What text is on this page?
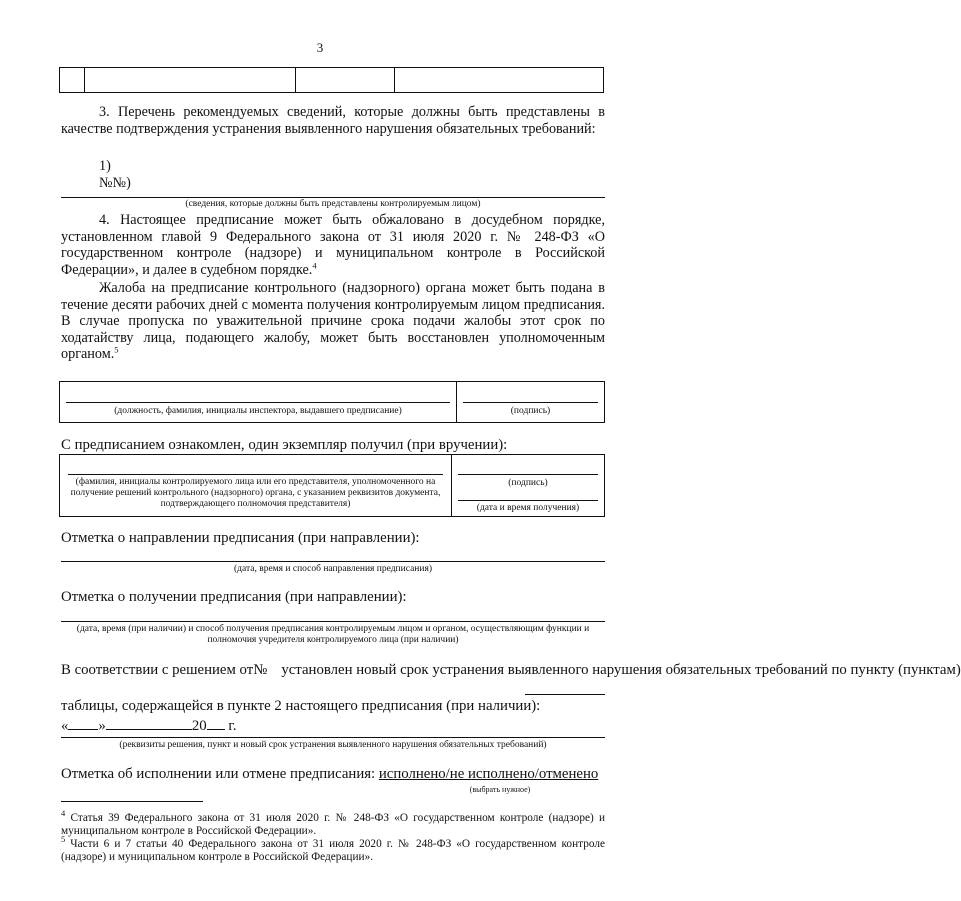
3

3. Перечень рекомендуемых сведений, которые должны быть представлены в качестве подтверждения устранения выявленного нарушения обязательных требований:
1)
№№)
(сведения, которые должны быть представлены контролируемым лицом)
4. Настоящее предписание может быть обжаловано в досудебном порядке, установленном главой 9 Федерального закона от 31 июля 2020 г. № 248-ФЗ «О государственном контроле (надзоре) и муниципальном контроле в Российской Федерации», и далее в судебном порядке.$^4$
Жалоба на предписание контрольного (надзорного) органа может быть подана в течение десяти рабочих дней с момента получения контролируемым лицом предписания. В случае пропуска по уважительной причине срока подачи жалобы этот срок по ходатайству лица, подающего жалобу, может быть восстановлен уполномоченным органом.$^5$
(должность, фамилия, инициалы инспектора, выдавшего предписание)	(подпись)
С предписанием ознакомлен, один экземпляр получил (при вручении):
(фамилия, инициалы контролируемого лица или его представителя, уполномоченного на получение решений контрольного (надзорного) органа, с указанием реквизитов документа, подтверждающего полномочия представителя)

(подпись)
(дата и время получения)
Отметка о направлении предписания (при направлении):
(дата, время и способ направления предписания)
Отметка о получении предписания (при направлении):
(дата, время (при наличии) и способ получения предписания контролируемым лицом и органом, осуществляющим функции и полномочия учредителя контролируемого лица (при наличии)
В соответствии с решением от № установлен новый срок устранения выявленного нарушения обязательных требований по пункту (пунктам)
таблицы, содержащейся в пункте 2 настоящего предписания (при наличии):
« »	20 г.
(реквизиты решения, пункт и новый срок устранения выявленного нарушения обязательных требований)
Отметка об исполнении или отмене предписания: исполнено/не исполнено/отменено
(выбрать нужное)
$^4$ Статья 39 Федерального закона от 31 июля 2020 г. № 248-ФЗ «О государственном контроле (надзоре) и муниципальном контроле в Российской Федерации».
$^5$ Части 6 и 7 статьи 40 Федерального закона от 31 июля 2020 г. № 248-ФЗ «О государственном контроле (надзоре) и муниципальном контроле в Российской Федерации».
